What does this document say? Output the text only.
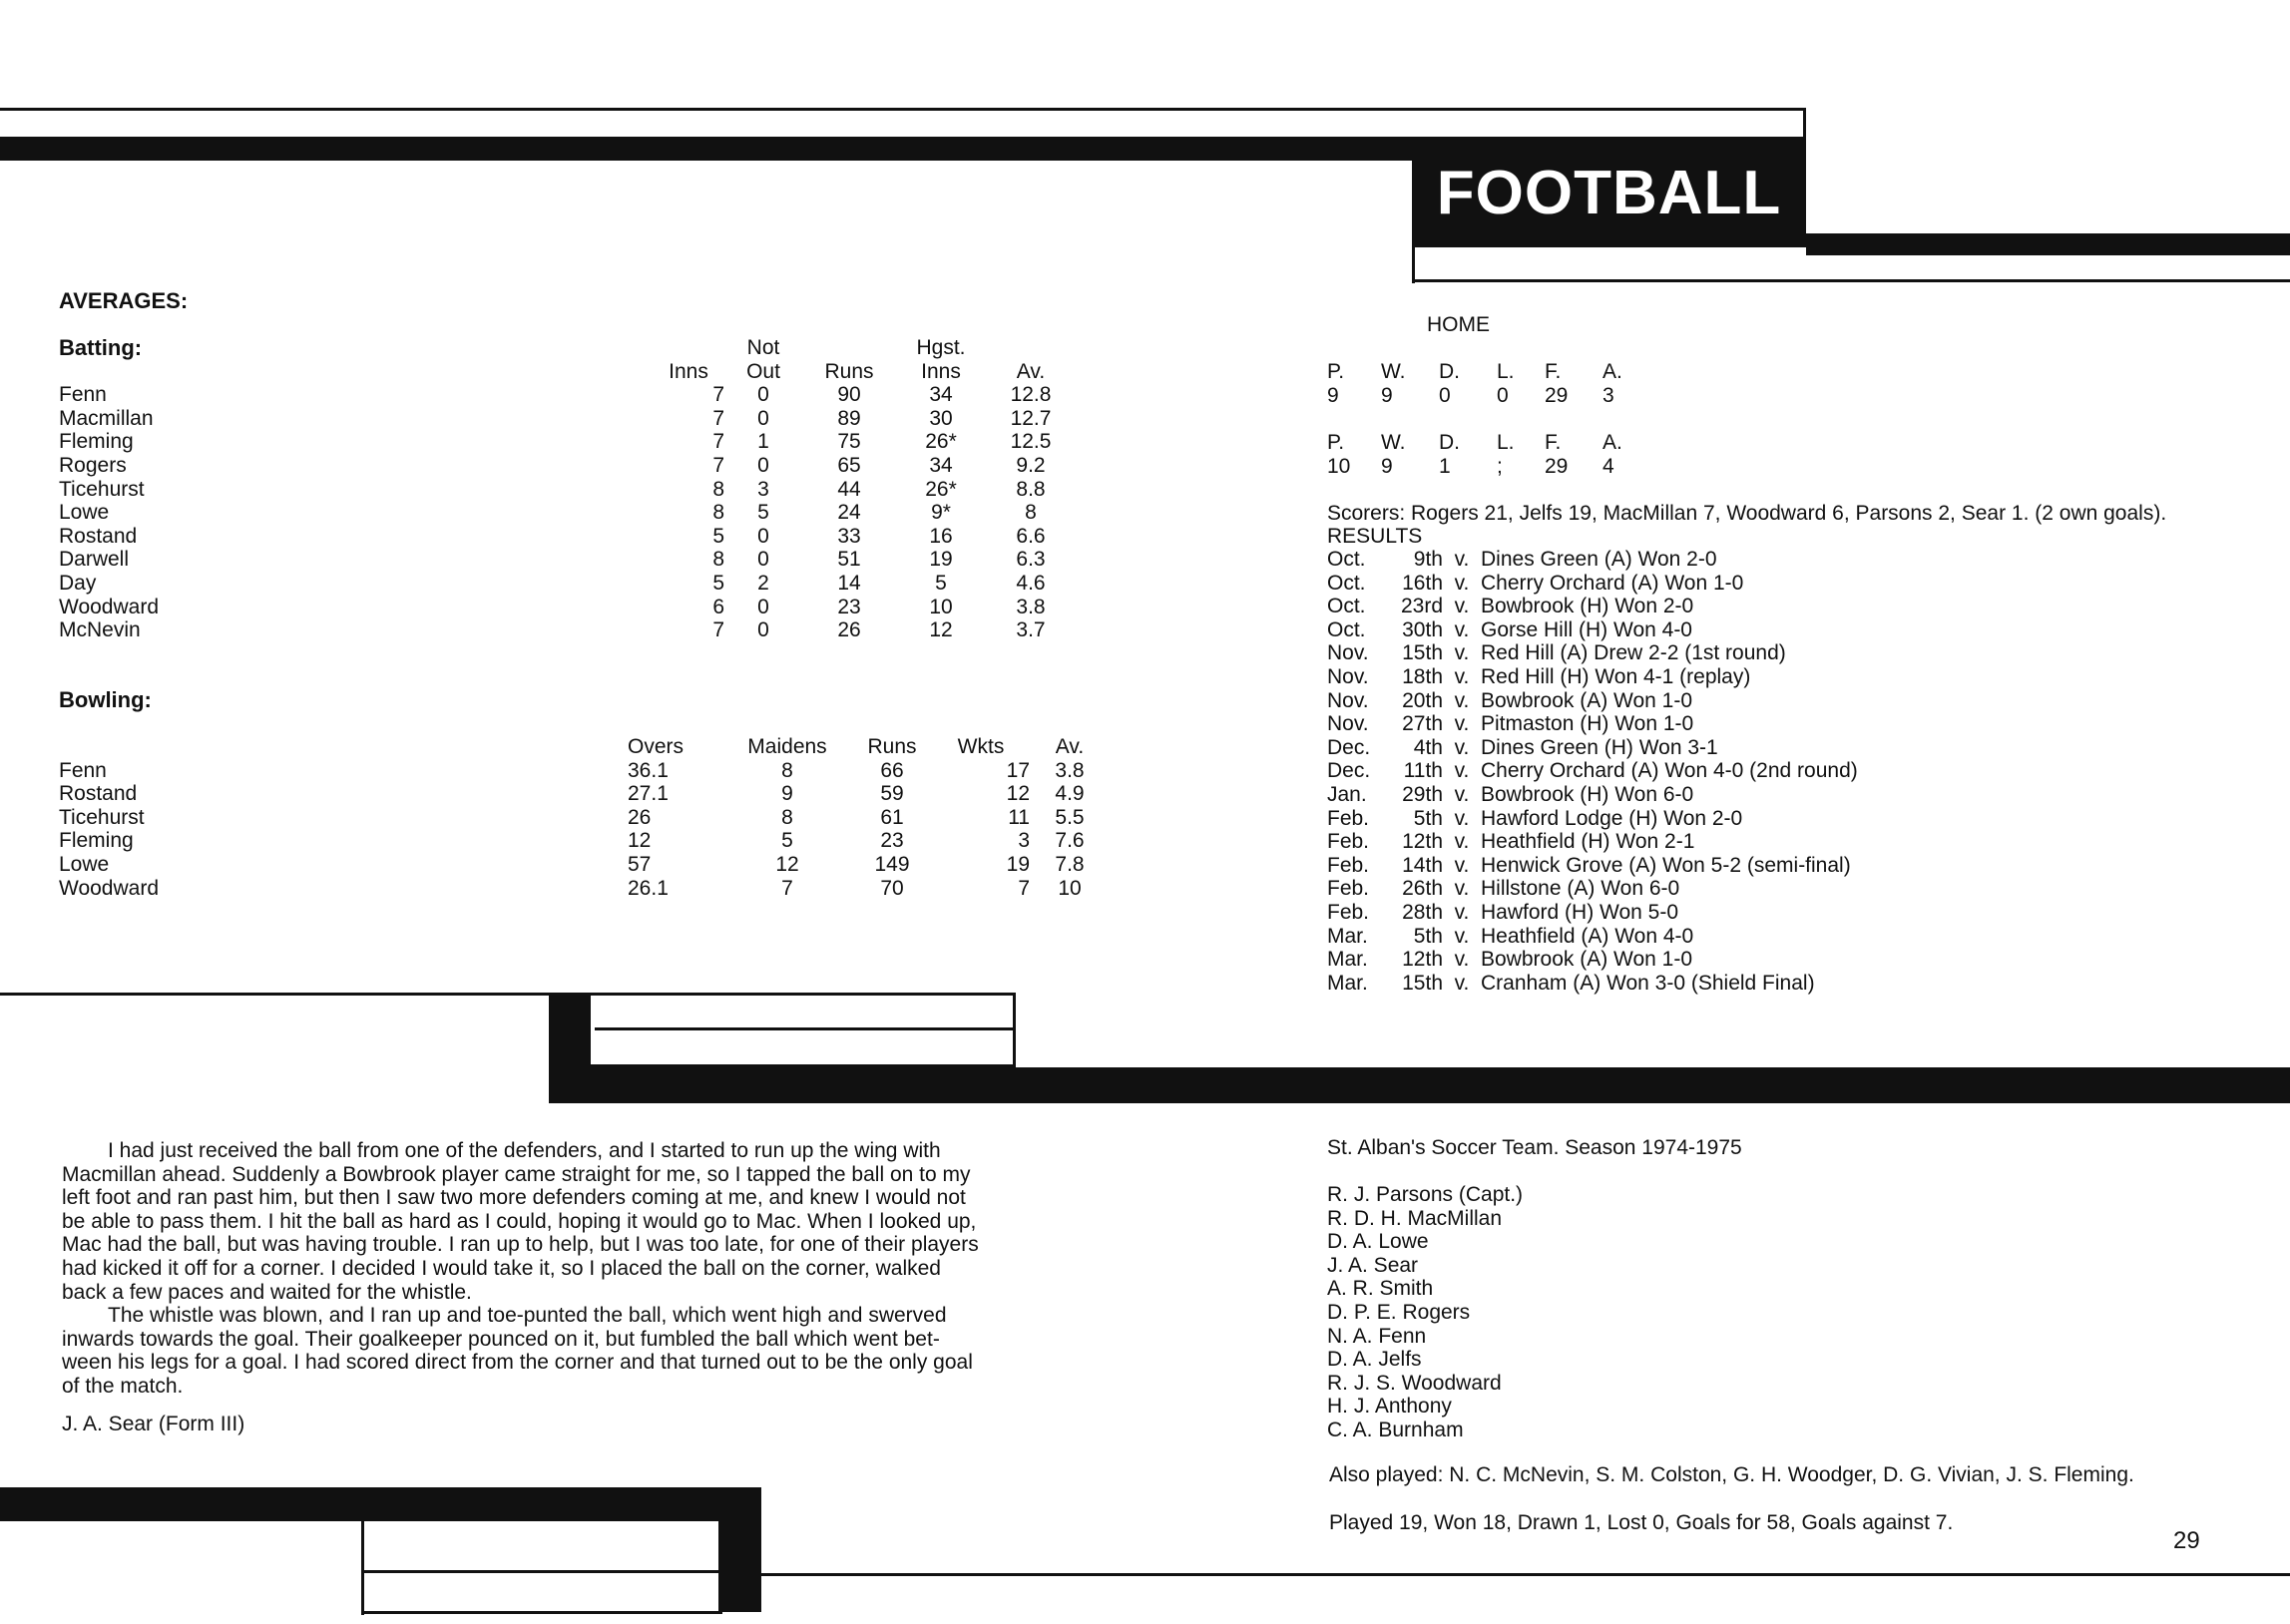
FOOTBALL
AVERAGES:
Batting:
			Not		Hgst.	
	Inns	Out	Runs	Inns	Av.
Fenn	7	0	90	34	12.8
Macmillan	7	0	89	30	12.7
Fleming	7	1	75	26*	12.5
Rogers	7	0	65	34	9.2
Ticehurst	8	3	44	26*	8.8
Lowe	8	5	24	9*	8
Rostand	5	0	33	16	6.6
Darwell	8	0	51	19	6.3
Day	5	2	14	5	4.6
Woodward	6	0	23	10	3.8
McNevin	7	0	26	12	3.7
Bowling:
	Overs	Maidens	Runs	Wkts	Av.
Fenn	36.1	8	66	17	3.8
Rostand	27.1	9	59	12	4.9
Ticehurst	26	8	61	11	5.5
Fleming	12	5	23	3	7.6
Lowe	57	12	149	19	7.8
Woodward	26.1	7	70	7	10
HOME
P.	W.	D.	L.	F.	A.
9	9	0	0	29	3
P.	W.	D.	L.	F.	A.
10	9	1	;	29	4
Scorers: Rogers 21, Jelfs 19, MacMillan 7, Woodward 6, Parsons 2, Sear 1. (2 own goals).
RESULTS
Oct.	9th v. Dines Green (A) Won 2-0
Oct.	16th v. Cherry Orchard (A) Won 1-0
Oct.	23rd v. Bowbrook (H) Won 2-0
Oct.	30th v. Gorse Hill (H) Won 4-0
Nov.	15th v. Red Hill (A) Drew 2-2 (1st round)
Nov.	18th v. Red Hill (H) Won 4-1 (replay)
Nov.	20th v. Bowbrook (A) Won 1-0
Nov.	27th v. Pitmaston (H) Won 1-0
Dec.	4th v. Dines Green (H) Won 3-1
Dec.	11th v. Cherry Orchard (A) Won 4-0 (2nd round)
Jan.	29th v. Bowbrook (H) Won 6-0
Feb.	5th v. Hawford Lodge (H) Won 2-0
Feb.	12th v. Heathfield (H) Won 2-1
Feb.	14th v. Henwick Grove (A) Won 5-2 (semi-final)
Feb.	26th v. Hillstone (A) Won 6-0
Feb.	28th v. Hawford (H) Won 5-0
Mar.	5th v. Heathfield (A) Won 4-0
Mar.	12th v. Bowbrook (A) Won 1-0
Mar.	15th v. Cranham (A) Won 3-0 (Shield Final)
I had just received the ball from one of the defenders, and I started to run up the wing with
Macmillan ahead. Suddenly a Bowbrook player came straight for me, so I tapped the ball on to my
left foot and ran past him, but then I saw two more defenders coming at me, and knew I would not
be able to pass them. I hit the ball as hard as I could, hoping it would go to Mac. When I looked up,
Mac had the ball, but was having trouble. I ran up to help, but I was too late, for one of their players
had kicked it off for a corner. I decided I would take it, so I placed the ball on the corner, walked
back a few paces and waited for the whistle.
The whistle was blown, and I ran up and toe-punted the ball, which went high and swerved
inwards towards the goal. Their goalkeeper pounced on it, but fumbled the ball which went bet-
ween his legs for a goal. I had scored direct from the corner and that turned out to be the only goal
of the match.
J. A. Sear (Form III)
St. Alban's Soccer Team. Season 1974-1975
R. J. Parsons (Capt.)
R. D. H. MacMillan
D. A. Lowe
J. A. Sear
A. R. Smith
D. P. E. Rogers
N. A. Fenn
D. A. Jelfs
R. J. S. Woodward
H. J. Anthony
C. A. Burnham
Also played: N. C. McNevin, S. M. Colston, G. H. Woodger, D. G. Vivian, J. S. Fleming.
Played 19, Won 18, Drawn 1, Lost 0, Goals for 58, Goals against 7.
29
